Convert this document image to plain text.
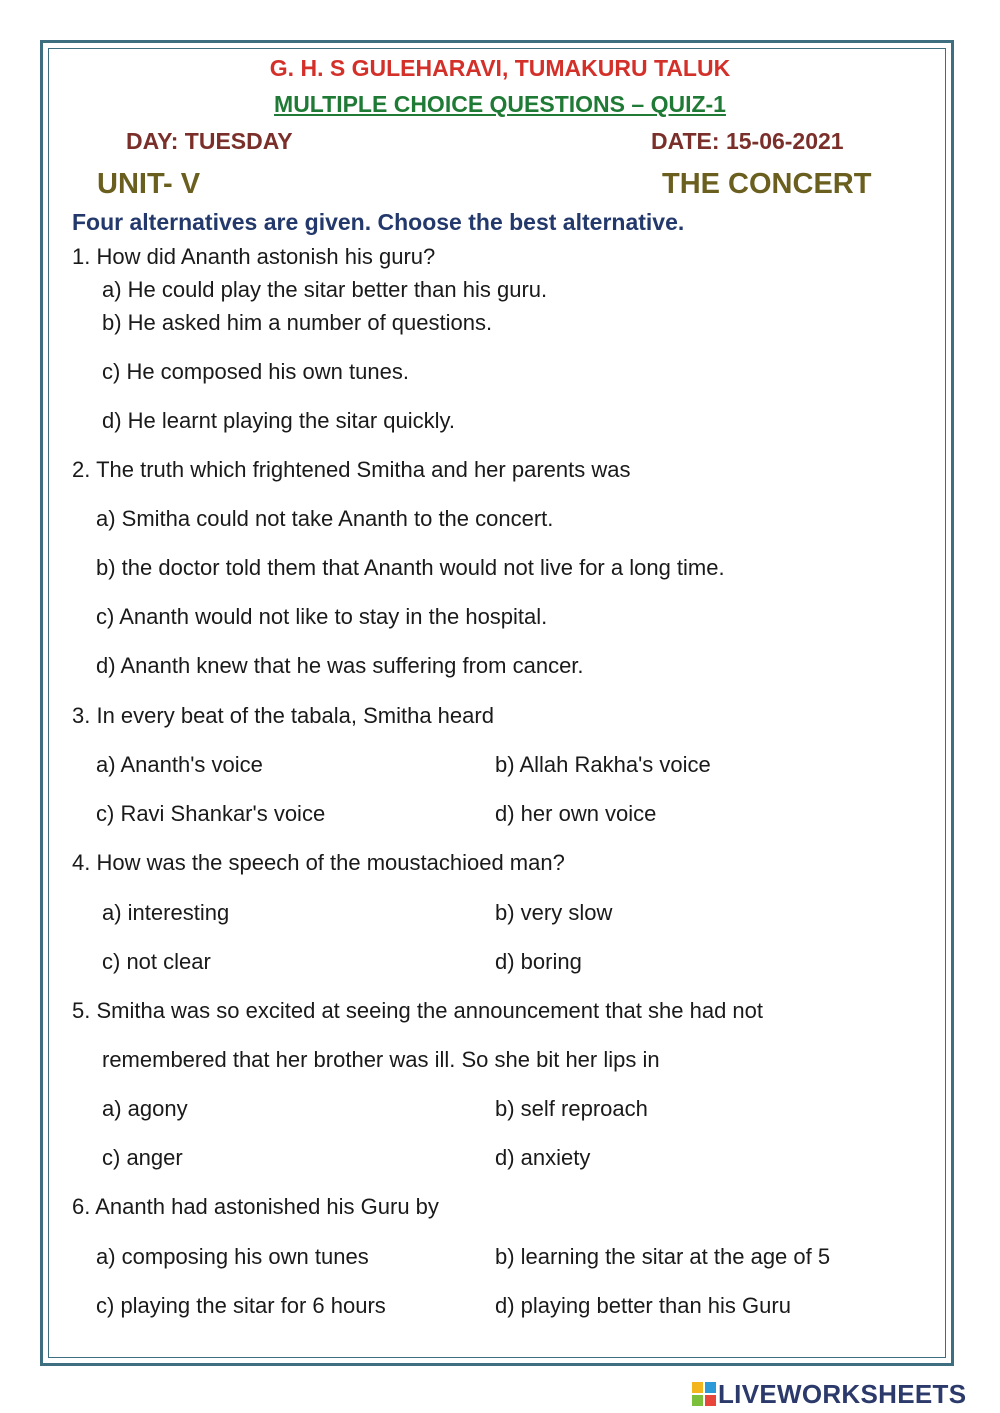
G. H. S GULEHARAVI, TUMAKURU TALUK
MULTIPLE CHOICE QUESTIONS – QUIZ-1
DAY: TUESDAY	DATE: 15-06-2021
UNIT- V	THE CONCERT
Four alternatives are given. Choose the best alternative.
1. How did Ananth astonish his guru?
a) He could play the sitar better than his guru.
b) He asked him a number of questions.
c) He composed his own tunes.
d) He learnt playing the sitar quickly.
2. The truth which frightened Smitha and her parents was
a) Smitha could not take Ananth to the concert.
b) the doctor told them that Ananth would not live for a long time.
c) Ananth would not like to stay in the hospital.
d) Ananth knew that he was suffering from cancer.
3. In every beat of the tabala, Smitha heard
a) Ananth's voice	b) Allah Rakha's voice
c) Ravi Shankar's voice	d) her own voice
4. How was the speech of the moustachioed man?
a) interesting	b) very slow
c) not clear	d) boring
5. Smitha was so excited at seeing the announcement that she had not
remembered that her brother was ill. So she bit her lips in
a) agony	b) self reproach
c) anger	d) anxiety
6. Ananth had astonished his Guru by
a) composing his own tunes	b) learning the sitar at the age of 5
c) playing the sitar for 6 hours	d) playing better than his Guru
LIVEWORKSHEETS
